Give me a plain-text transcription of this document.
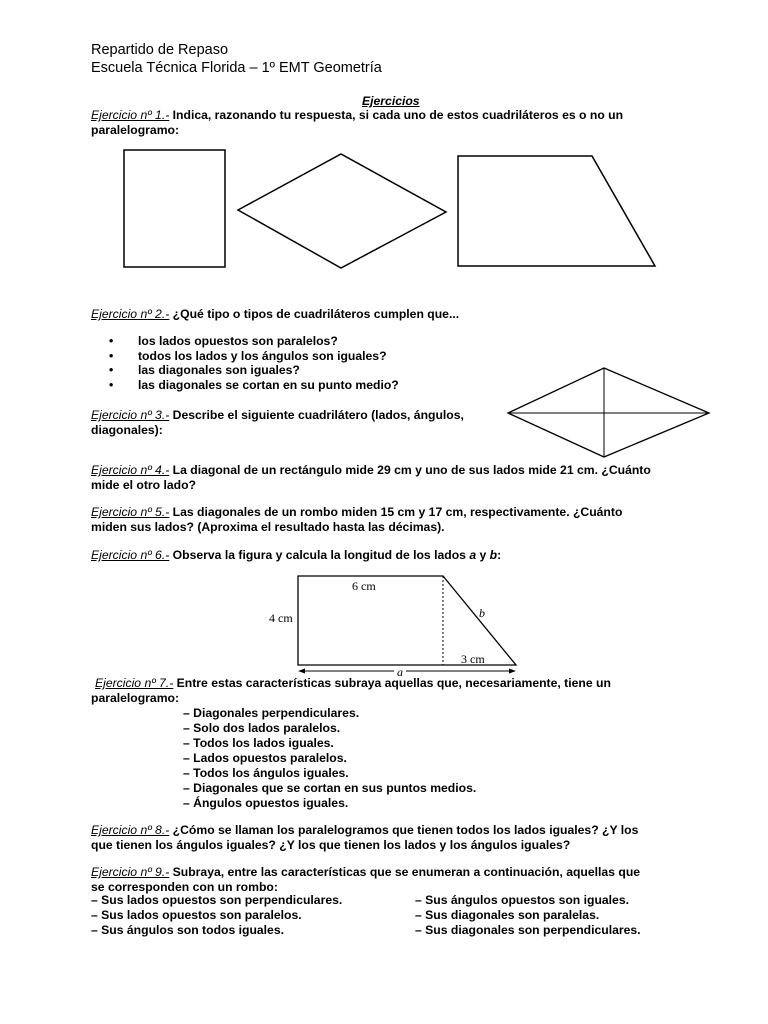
Repartido de Repaso
Escuela Técnica Florida – 1º EMT Geometría
Ejercicios
Ejercicio nº 1.- Indica, razonando tu respuesta, si cada uno de estos cuadriláteros es o no un
paralelogramo:
Ejercicio nº 2.- ¿Qué tipo o tipos de cuadriláteros cumplen que...
• los lados opuestos son paralelos?
• todos los lados y los ángulos son iguales?
• las diagonales son iguales?
• las diagonales se cortan en su punto medio?
Ejercicio nº 3.- Describe el siguiente cuadrilátero (lados, ángulos,
diagonales):
Ejercicio nº 4.- La diagonal de un rectángulo mide 29 cm y uno de sus lados mide 21 cm. ¿Cuánto
mide el otro lado?
Ejercicio nº 5.- Las diagonales de un rombo miden 15 cm y 17 cm, respectivamente. ¿Cuánto
miden sus lados? (Aproxima el resultado hasta las décimas).
Ejercicio nº 6.- Observa la figura y calcula la longitud de los lados a y b:
6 cm
4 cm	b
3 cm
a
Ejercicio nº 7.- Entre estas características subraya aquellas que, necesariamente, tiene un
paralelogramo:
– Diagonales perpendiculares.
– Solo dos lados paralelos.
– Todos los lados iguales.
– Lados opuestos paralelos.
– Todos los ángulos iguales.
– Diagonales que se cortan en sus puntos medios.
– Ángulos opuestos iguales.
Ejercicio nº 8.- ¿Cómo se llaman los paralelogramos que tienen todos los lados iguales? ¿Y los
que tienen los ángulos iguales? ¿Y los que tienen los lados y los ángulos iguales?
Ejercicio nº 9.- Subraya, entre las características que se enumeran a continuación, aquellas que
se corresponden con un rombo:
– Sus lados opuestos son perpendiculares.
– Sus lados opuestos son paralelos.
– Sus ángulos son todos iguales.
– Sus ángulos opuestos son iguales.
– Sus diagonales son paralelas.
– Sus diagonales son perpendiculares.
